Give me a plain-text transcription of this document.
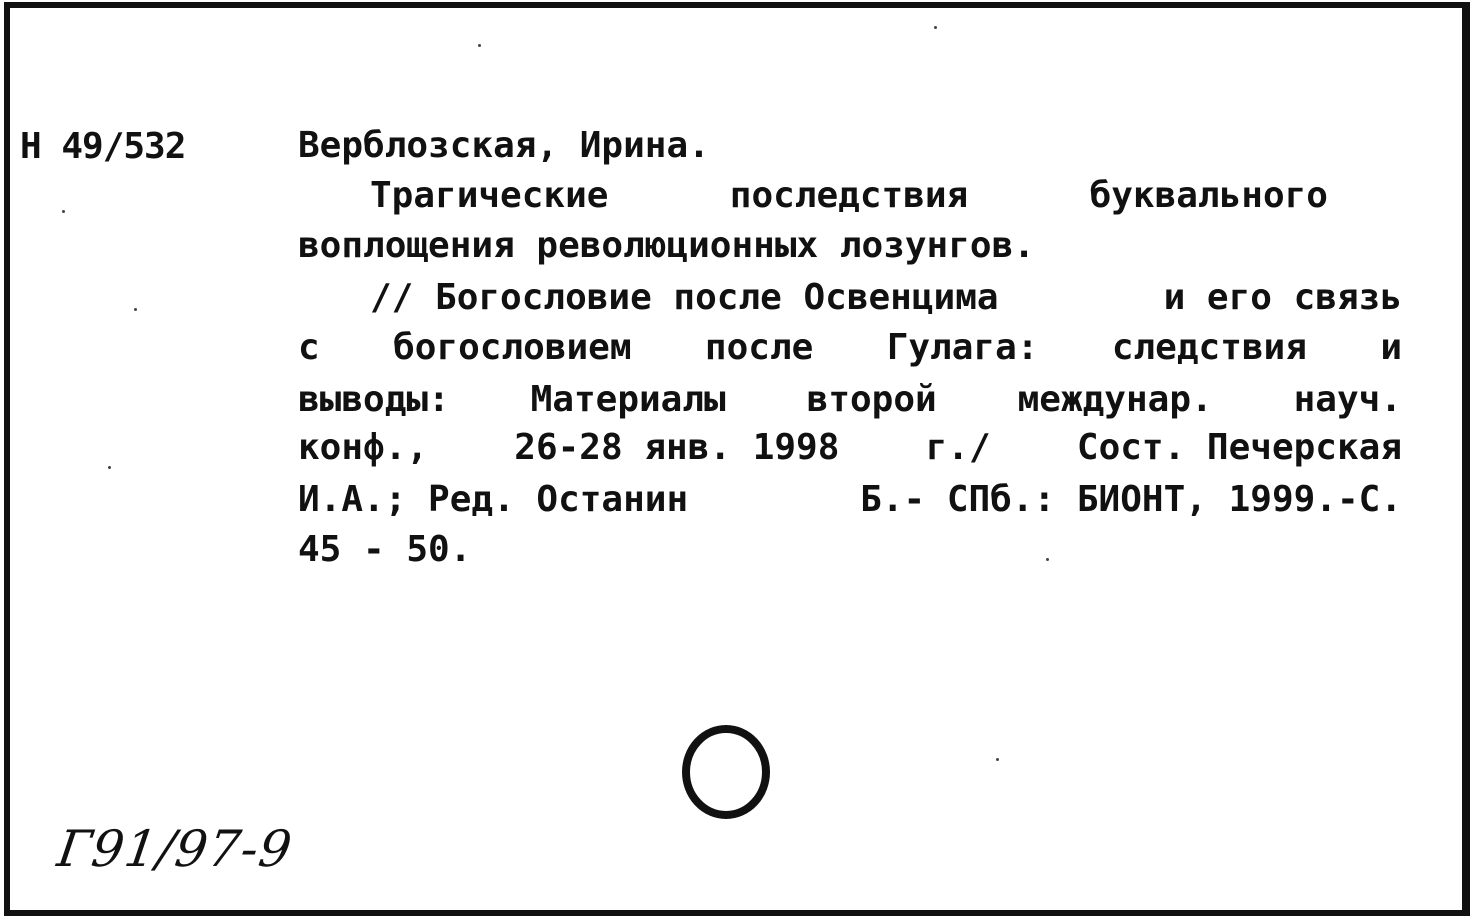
Н 49/532	Верблозская, Ирина.
Трагические	последствия	буквального
воплощения революционных лозунгов.
// Богословие после Освенцима	и его связь
с богословием после Гулага: следствия и
выводы: Материалы второй междунар. науч.
конф., 26-28 янв. 1998 г./ Сост. Печерская
И.А.; Ред. Останин	Б.- СПб.: БИОНТ, 1999.-С.
45 - 50.
Г91/97-9
